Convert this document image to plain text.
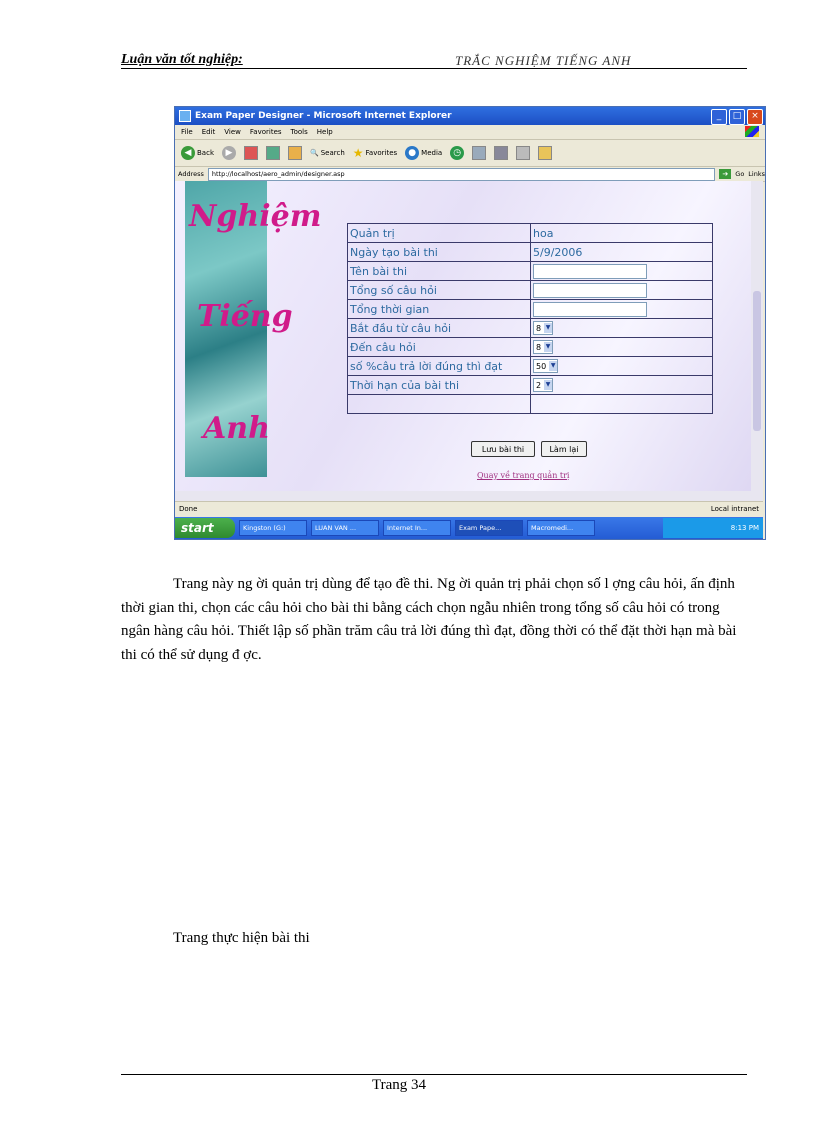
Luận văn tốt nghiệp:	TRẮC NGHIỆM TIẾNG ANH
Exam Paper Designer - Microsoft Internet Explorer	_	□	×
File Edit View Favorites Tools Help
◀ Back	▶	🔍 Search ★ Favorites	● Media	◷
Address http://localhost/aero_admin/designer.asp	➔	Go Links
Nghiệm
Tiếng
Anh
Quản trị	hoa
Ngày tạo bài thi	5/9/2006
Tên bài thi	

Tổng số câu hỏi	

Tổng thời gian	

Bắt đầu từ câu hỏi	8 ▼

Đến câu hỏi	8 ▼

số %câu trả lời đúng thì đạt	50 ▼

Thời hạn của bài thi	2 ▼

Lưu bài thi	Làm lại
Quay về trang quản trị
Done	Local intranet
start	Kingston (G:)	LUAN VAN ...	Internet In...	Exam Pape...	Macromedi...	8:13 PM

Trang này ng ời quản trị dùng để tạo đề thi. Ng ời quản trị phải chọn số l ợng câu hỏi, ấn định thời gian thi, chọn các câu hỏi cho bài thi bằng cách chọn ngẫu nhiên trong tổng số câu hỏi có trong ngân hàng câu hỏi. Thiết lập số phần trăm câu trả lời đúng thì đạt, đồng thời có thể đặt thời hạn mà bài thi có thể sử dụng đ ợc.

Trang thực hiện bài thi
Trang 34
